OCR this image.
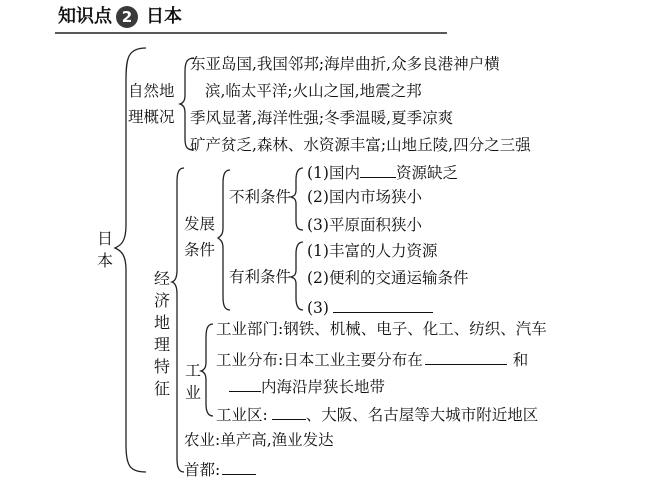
知识点 2 日本
日本
自然地
理概况
东亚岛国,我国邻邦;海岸曲折,众多良港神户横
滨,临太平洋;火山之国,地震之邦
季风显著,海洋性强;冬季温暖,夏季凉爽
矿产贫乏,森林、水资源丰富;山地丘陵,四分之三强
经济地理特征
发展
条件
不利条件
(1)国内 资源缺乏
(2)国内市场狭小
(3)平原面积狭小
有利条件
(1)丰富的人力资源
(2)便利的交通运输条件
(3)
工业
工业部门:钢铁、机械、电子、化工、纺织、汽车
工业分布:日本工业主要分布在	和
内海沿岸狭长地带
工业区: 、大阪、名古屋等大城市附近地区
农业:单产高,渔业发达
首都:
